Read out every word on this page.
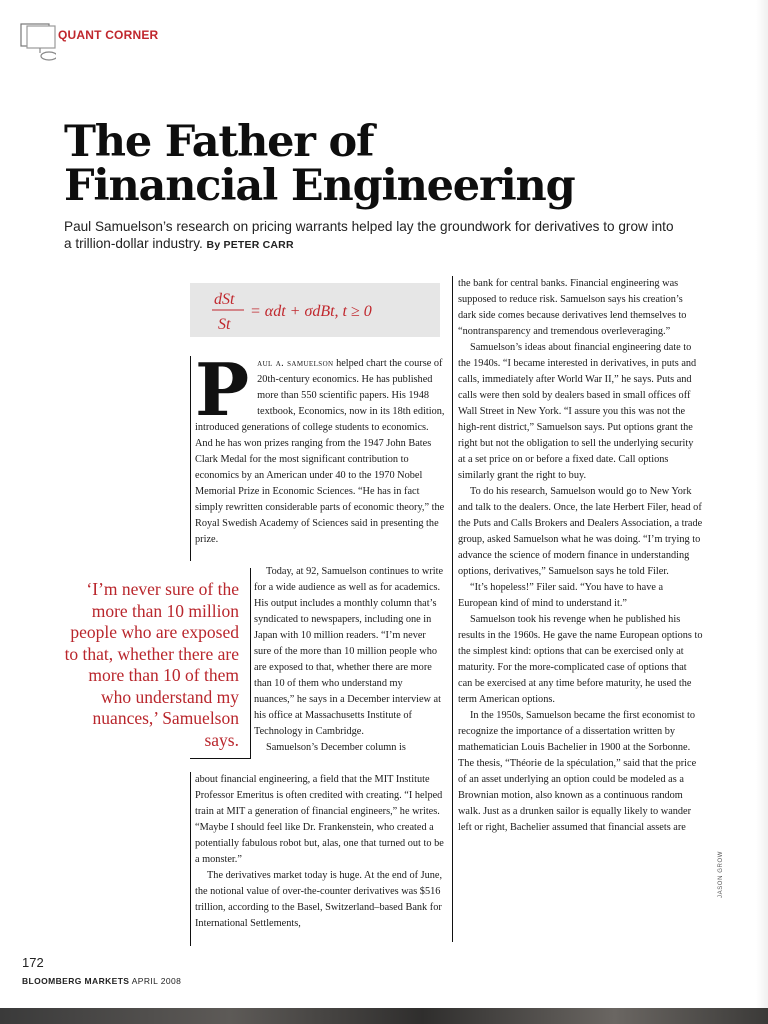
QUANT CORNER
The Father of
Financial Engineering
Paul Samuelson’s research on pricing warrants helped lay the groundwork for derivatives to grow into a trillion-dollar industry. By PETER CARR
dSt
St
= αdt + σdBt, t ≥ 0

Paul a. samuelson helped chart the course of 20th-century economics. He has published more than 550 scientific papers. His 1948 textbook, Economics, now in its 18th edition, introduced generations of college students to economics. And he has won prizes ranging from the 1947 John Bates Clark Medal for the most significant contribution to economics by an American under 40 to the 1970 Nobel Memorial Prize in Economic Sciences. “He has in fact simply rewritten considerable parts of economic theory,” the Royal Swedish Academy of Sciences said in presenting the prize.

Today, at 92, Samuelson continues to write for a wide audience as well as for academics. His output includes a monthly column that’s syndicated to newspapers, including one in Japan with 10 million readers. “I’m never sure of the more than 10 million people who are exposed to that, whether there are more than 10 of them who understand my nuances,” he says in a December interview at his office at Massachusetts Institute of Technology in Cambridge.

Samuelson’s December column is

about financial engineering, a field that the MIT Institute Professor Emeritus is often credited with creating. “I helped train at MIT a generation of financial engineers,” he writes. “Maybe I should feel like Dr. Frankenstein, who created a potentially fabulous robot but, alas, one that turned out to be a monster.”

The derivatives market today is huge. At the end of June, the notional value of over-the-counter derivatives was $516 trillion, according to the Basel, Switzerland–based Bank for International Settlements,

‘I’m never sure of the more than 10 million people who are exposed to that, whether there are more than 10 of them who understand my nuances,’ Samuelson says.

the bank for central banks. Financial engineering was supposed to reduce risk. Samuelson says his creation’s dark side comes because derivatives lend themselves to “nontransparency and tremendous overleveraging.”

Samuelson’s ideas about financial engineering date to the 1940s. “I became interested in derivatives, in puts and calls, immediately after World War II,” he says. Puts and calls were then sold by dealers based in small offices off Wall Street in New York. “I assure you this was not the high-rent district,” Samuelson says. Put options grant the right but not the obligation to sell the underlying security at a set price on or before a fixed date. Call options similarly grant the right to buy.

To do his research, Samuelson would go to New York and talk to the dealers. Once, the late Herbert Filer, head of the Puts and Calls Brokers and Dealers Association, a trade group, asked Samuelson what he was doing. “I’m trying to advance the science of modern finance in understanding options, derivatives,” Samuelson says he told Filer.

“It’s hopeless!” Filer said. “You have to have a European kind of mind to understand it.”

Samuelson took his revenge when he published his results in the 1960s. He gave the name European options to the simplest kind: options that can be exercised only at maturity. For the more-complicated case of options that can be exercised at any time before maturity, he used the term American options.

In the 1950s, Samuelson became the first economist to recognize the importance of a dissertation written by mathematician Louis Bachelier in 1900 at the Sorbonne. The thesis, “Théorie de la spéculation,” said that the price of an asset underlying an option could be modeled as a Brownian motion, also known as a continuous random walk. Just as a drunken sailor is equally likely to wander left or right, Bachelier assumed that financial assets are

JASON GROW
172
BLOOMBERG MARKETS APRIL 2008
